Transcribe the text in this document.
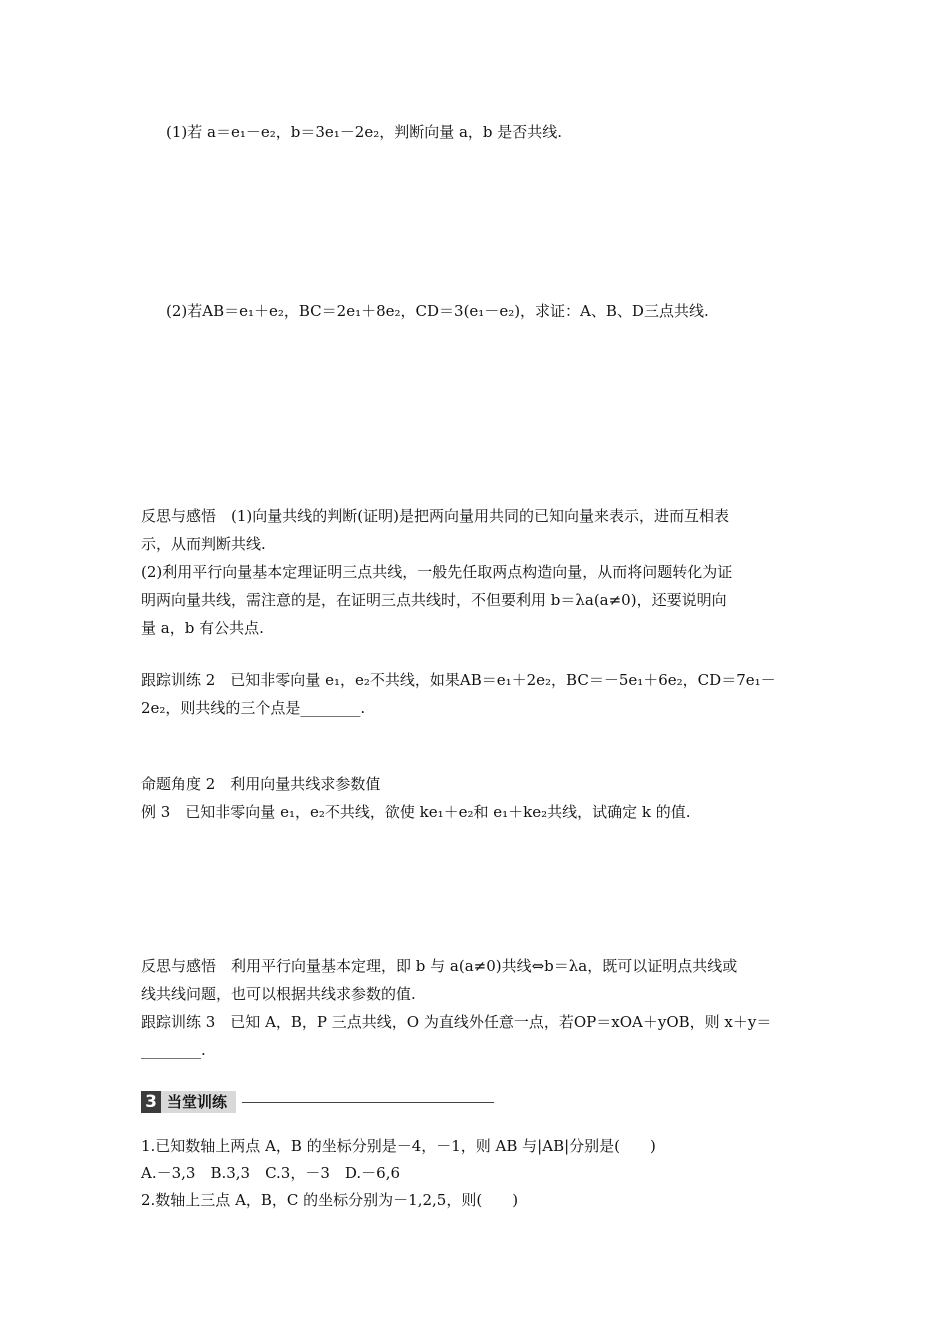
(1)若 a＝e₁－e₂，b＝3e₁－2e₂，判断向量 a，b 是否共线.
(2)若AB＝e₁＋e₂，BC＝2e₁＋8e₂，CD＝3(e₁－e₂)，求证：A、B、D三点共线.
反思与感悟　(1)向量共线的判断(证明)是把两向量用共同的已知向量来表示，进而互相表
示，从而判断共线.
(2)利用平行向量基本定理证明三点共线，一般先任取两点构造向量，从而将问题转化为证
明两向量共线，需注意的是，在证明三点共线时，不但要利用 b＝λa(a≠0)，还要说明向
量 a，b 有公共点.
跟踪训练 2　已知非零向量 e₁，e₂不共线，如果AB＝e₁＋2e₂，BC＝－5e₁＋6e₂，CD＝7e₁－
2e₂，则共线的三个点是________.
命题角度 2　利用向量共线求参数值
例 3　已知非零向量 e₁，e₂不共线，欲使 ke₁＋e₂和 e₁＋ke₂共线，试确定 k 的值.
反思与感悟　利用平行向量基本定理，即 b 与 a(a≠0)共线⇔b＝λa，既可以证明点共线或
线共线问题，也可以根据共线求参数的值.
跟踪训练 3　已知 A，B，P 三点共线，O 为直线外任意一点，若OP＝xOA＋yOB，则 x＋y＝
________.
3 当堂训练
1.已知数轴上两点 A，B 的坐标分别是－4，－1，则 AB 与|AB|分别是(　　)
A.－3,3　B.3,3　C.3，－3　D.－6,6
2.数轴上三点 A，B，C 的坐标分别为－1,2,5，则(　　)
